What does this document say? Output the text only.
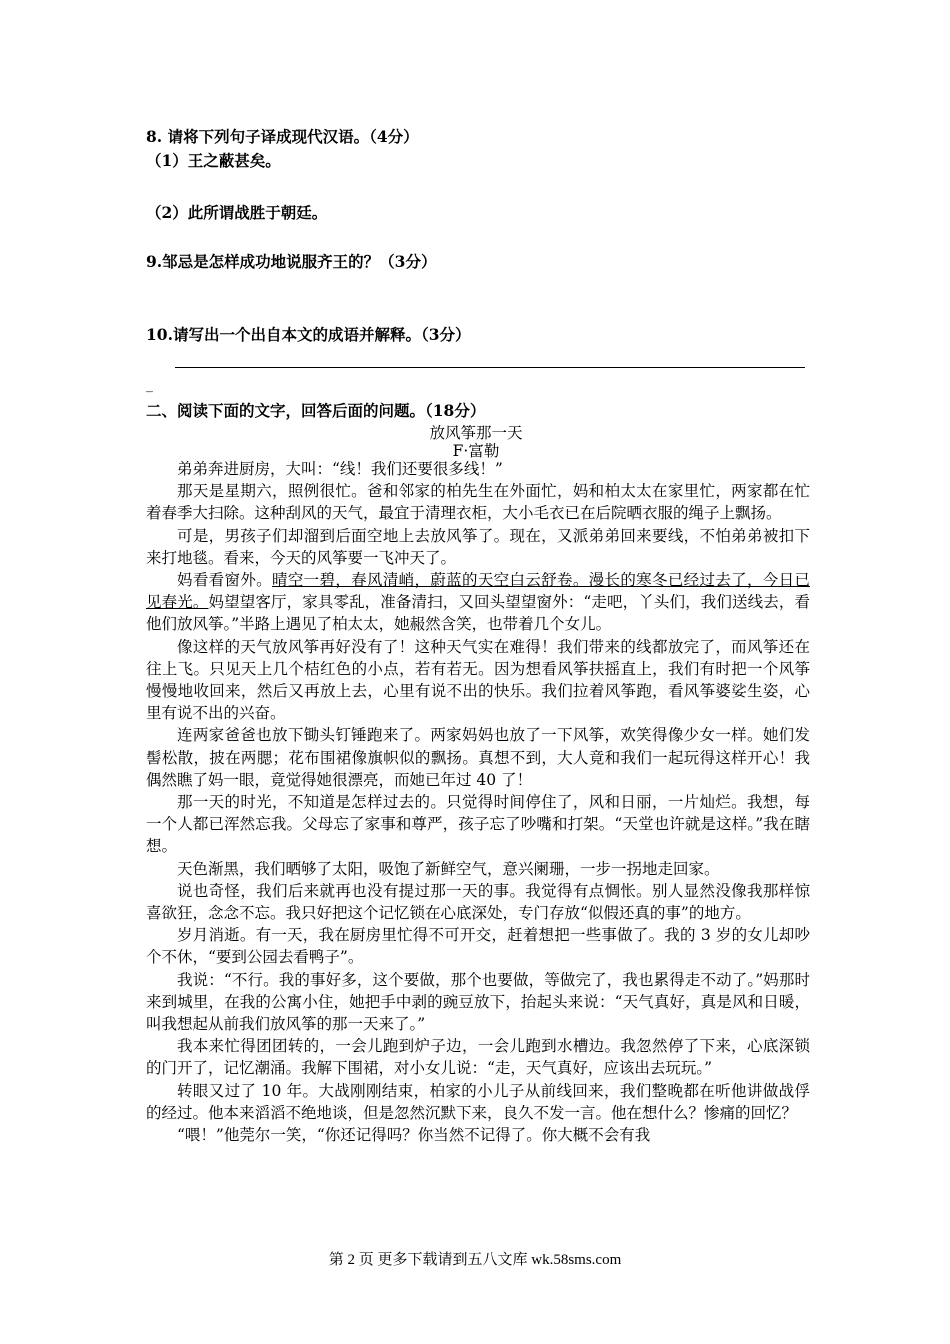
8. 请将下列句子译成现代汉语。（4分）
（1）王之蔽甚矣。
（2）此所谓战胜于朝廷。
9.邹忌是怎样成功地说服齐王的？（3分）
10.请写出一个出自本文的成语并解释。（3分）
_
二、阅读下面的文字，回答后面的问题。（18分）
放风筝那一天
F·富勒

弟弟奔进厨房，大叫：“线！我们还要很多线！”

那天是星期六，照例很忙。爸和邻家的柏先生在外面忙，妈和柏太太在家里忙，两家都在忙着春季大扫除。这种刮风的天气，最宜于清理衣柜，大小毛衣已在后院晒衣服的绳子上飘扬。

可是，男孩子们却溜到后面空地上去放风筝了。现在，又派弟弟回来要线，不怕弟弟被扣下来打地毯。看来，今天的风筝要一飞冲天了。

妈看看窗外。晴空一碧，春风清峭，蔚蓝的天空白云舒卷。漫长的寒冬已经过去了，今日已见春光。妈望望客厅，家具零乱，准备清扫，又回头望望窗外：“走吧，丫头们，我们送线去，看他们放风筝。”半路上遇见了柏太太，她赧然含笑，也带着几个女儿。

像这样的天气放风筝再好没有了！这种天气实在难得！我们带来的线都放完了，而风筝还在往上飞。只见天上几个桔红色的小点，若有若无。因为想看风筝扶摇直上，我们有时把一个风筝慢慢地收回来，然后又再放上去，心里有说不出的快乐。我们拉着风筝跑，看风筝婆娑生姿，心里有说不出的兴奋。

连两家爸爸也放下锄头钉锤跑来了。两家妈妈也放了一下风筝，欢笑得像少女一样。她们发髻松散，披在两腮；花布围裙像旗帜似的飘扬。真想不到，大人竟和我们一起玩得这样开心！我偶然瞧了妈一眼，竟觉得她很漂亮，而她已年过 40 了！

那一天的时光，不知道是怎样过去的。只觉得时间停住了，风和日丽，一片灿烂。我想，每一个人都已浑然忘我。父母忘了家事和尊严，孩子忘了吵嘴和打架。“天堂也许就是这样。”我在瞎想。

天色渐黑，我们晒够了太阳，吸饱了新鲜空气，意兴阑珊，一步一拐地走回家。

说也奇怪，我们后来就再也没有提过那一天的事。我觉得有点惆怅。别人显然没像我那样惊喜欲狂，念念不忘。我只好把这个记忆锁在心底深处，专门存放“似假还真的事”的地方。

岁月消逝。有一天，我在厨房里忙得不可开交，赶着想把一些事做了。我的 3 岁的女儿却吵个不休，“要到公园去看鸭子”。

我说：“不行。我的事好多，这个要做，那个也要做，等做完了，我也累得走不动了。”妈那时来到城里，在我的公寓小住，她把手中剥的豌豆放下，抬起头来说：“天气真好，真是风和日暖，叫我想起从前我们放风筝的那一天来了。”

我本来忙得团团转的，一会儿跑到炉子边，一会儿跑到水槽边。我忽然停了下来，心底深锁的门开了，记忆潮涌。我解下围裙，对小女儿说：“走，天气真好，应该出去玩玩。”

转眼又过了 10 年。大战刚刚结束，柏家的小儿子从前线回来，我们整晚都在听他讲做战俘的经过。他本来滔滔不绝地谈，但是忽然沉默下来，良久不发一言。他在想什么？惨痛的回忆？

“喂！”他莞尔一笑，“你还记得吗？你当然不记得了。你大概不会有我

第 2 页 更多下载请到五八文库 wk.58sms.com
